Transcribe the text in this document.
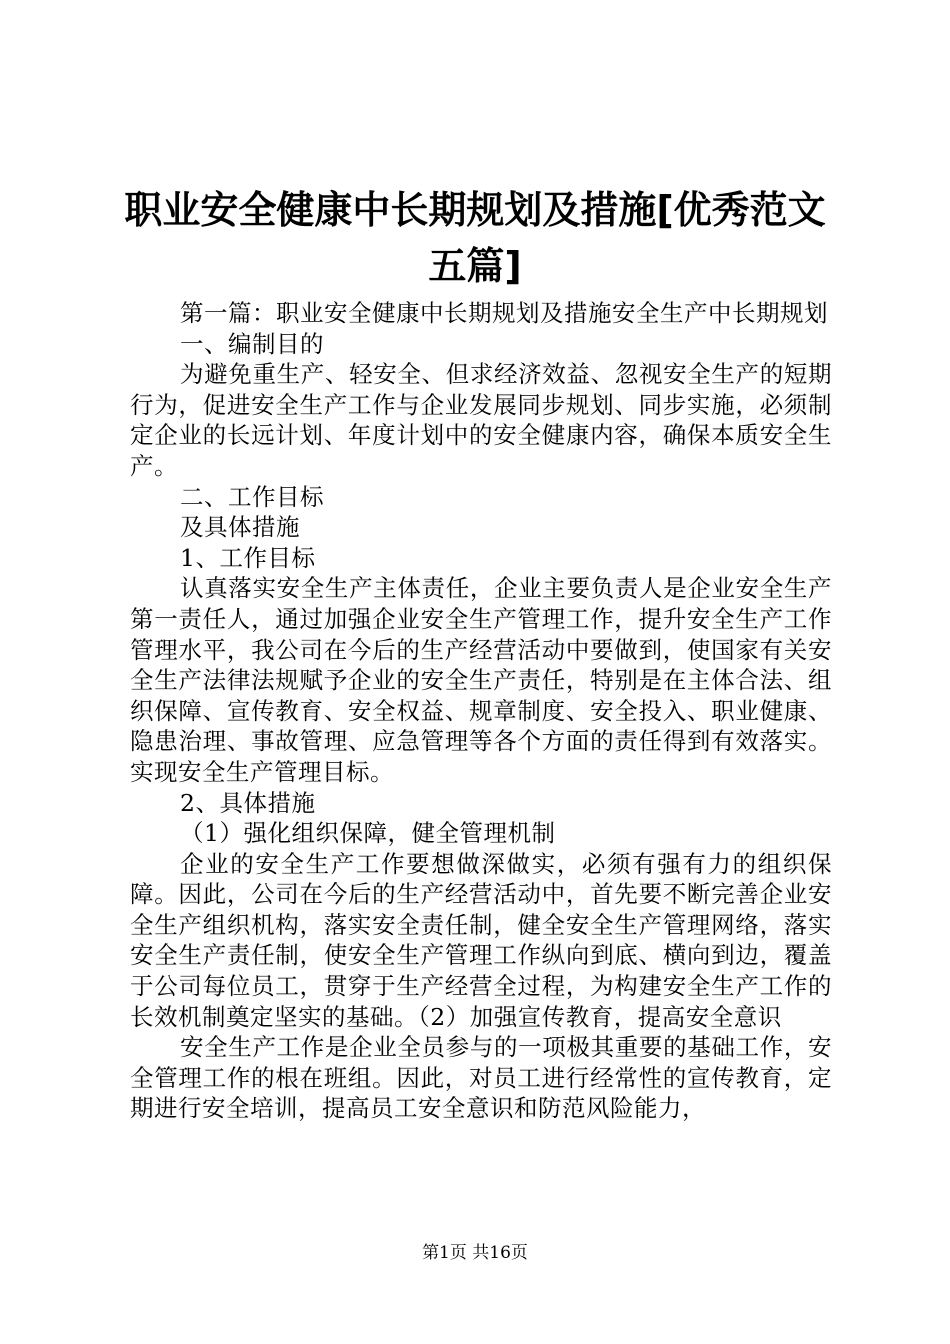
职业安全健康中长期规划及措施[优秀范文五篇]

第一篇：职业安全健康中长期规划及措施安全生产中长期规划

一、编制目的

为避免重生产、轻安全、但求经济效益、忽视安全生产的短期行为，促进安全生产工作与企业发展同步规划、同步实施，必须制定企业的长远计划、年度计划中的安全健康内容，确保本质安全生产。

二、工作目标

及具体措施

1、工作目标

认真落实安全生产主体责任，企业主要负责人是企业安全生产第一责任人，通过加强企业安全生产管理工作，提升安全生产工作管理水平，我公司在今后的生产经营活动中要做到，使国家有关安全生产法律法规赋予企业的安全生产责任，特别是在主体合法、组织保障、宣传教育、安全权益、规章制度、安全投入、职业健康、隐患治理、事故管理、应急管理等各个方面的责任得到有效落实。实现安全生产管理目标。

2、具体措施

（1）强化组织保障，健全管理机制

企业的安全生产工作要想做深做实，必须有强有力的组织保障。因此，公司在今后的生产经营活动中，首先要不断完善企业安全生产组织机构，落实安全责任制，健全安全生产管理网络，落实安全生产责任制，使安全生产管理工作纵向到底、横向到边，覆盖于公司每位员工，贯穿于生产经营全过程，为构建安全生产工作的长效机制奠定坚实的基础。（2）加强宣传教育，提高安全意识

安全生产工作是企业全员参与的一项极其重要的基础工作，安全管理工作的根在班组。因此，对员工进行经常性的宣传教育，定期进行安全培训，提高员工安全意识和防范风险能力，

第1页 共16页
